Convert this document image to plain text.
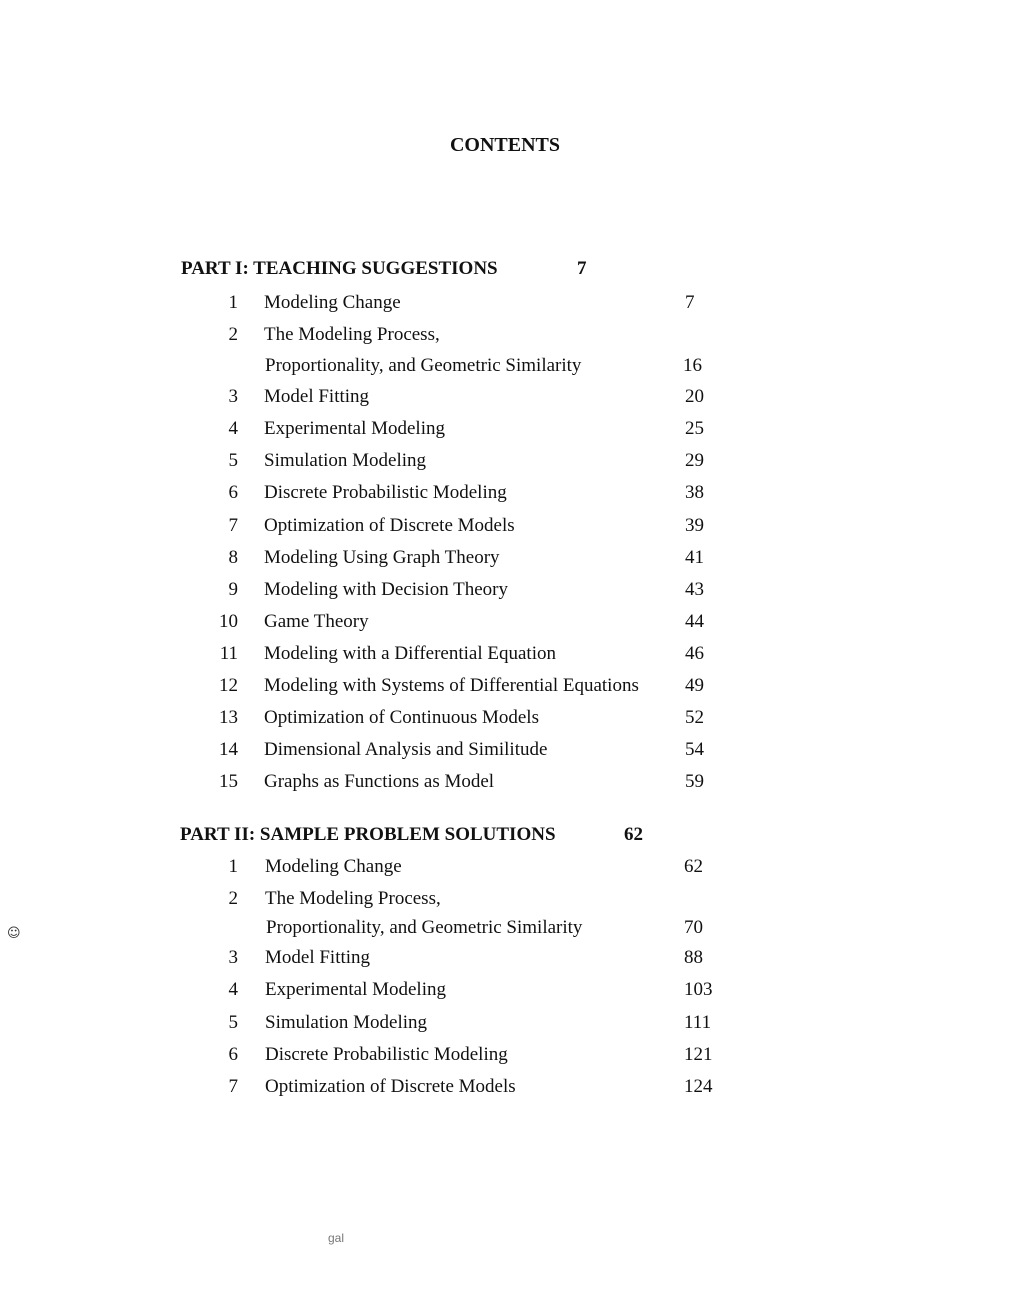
CONTENTS
PART I: TEACHING SUGGESTIONS	7
1 Modeling Change	7
2 The Modeling Process,
Proportionality, and Geometric Similarity	16
3 Model Fitting	20
4 Experimental Modeling	25
5 Simulation Modeling	29
6 Discrete Probabilistic Modeling	38
7 Optimization of Discrete Models	39
8 Modeling Using Graph Theory	41
9 Modeling with Decision Theory	43
10 Game Theory	44
11 Modeling with a Differential Equation	46
12 Modeling with Systems of Differential Equations 49
13 Optimization of Continuous Models	52
14 Dimensional Analysis and Similitude	54
15 Graphs as Functions as Model	59
PART II: SAMPLE PROBLEM SOLUTIONS	62
1 Modeling Change	62
2 The Modeling Process,
Proportionality, and Geometric Similarity	70
3 Model Fitting	88
4 Experimental Modeling	103
5 Simulation Modeling	111
6 Discrete Probabilistic Modeling	121
7 Optimization of Discrete Models	124
☺
gal
